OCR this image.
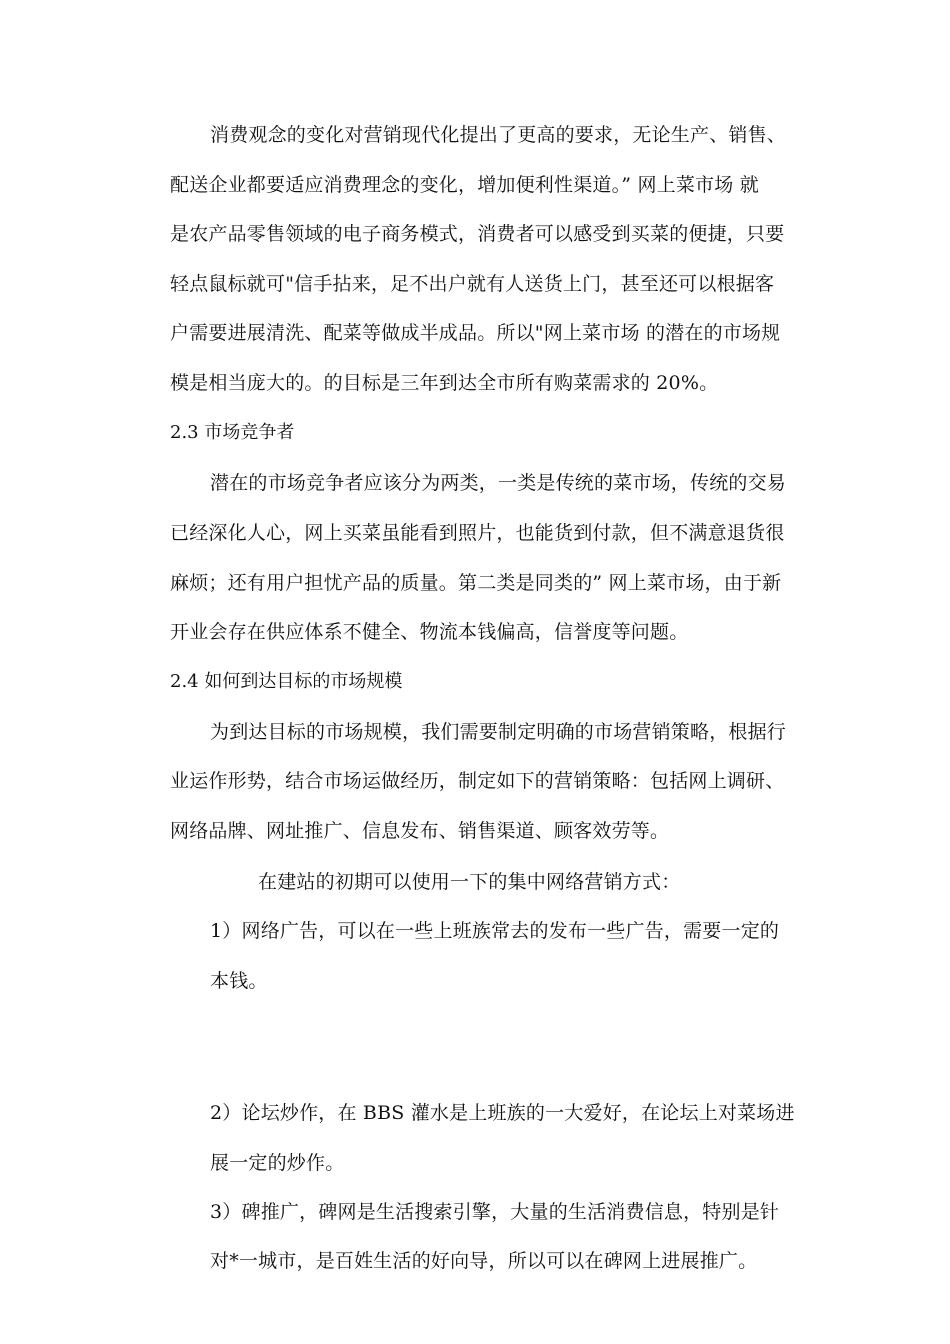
消费观念的变化对营销现代化提出了更高的要求，无论生产、销售、
配送企业都要适应消费理念的变化，增加便利性渠道。” 网上菜市场 就
是农产品零售领域的电子商务模式，消费者可以感受到买菜的便捷，只要
轻点鼠标就可"信手拈来，足不出户就有人送货上门，甚至还可以根据客
户需要进展清洗、配菜等做成半成品。所以"网上菜市场 的潜在的市场规
模是相当庞大的。的目标是三年到达全市所有购菜需求的 20%。
2.3 市场竞争者
潜在的市场竞争者应该分为两类，一类是传统的菜市场，传统的交易
已经深化人心，网上买菜虽能看到照片，也能货到付款，但不满意退货很
麻烦；还有用户担忧产品的质量。第二类是同类的” 网上菜市场，由于新
开业会存在供应体系不健全、物流本钱偏高，信誉度等问题。
2.4 如何到达目标的市场规模
为到达目标的市场规模，我们需要制定明确的市场营销策略，根据行
业运作形势，结合市场运做经历，制定如下的营销策略：包括网上调研、
网络品牌、网址推广、信息发布、销售渠道、顾客效劳等。
在建站的初期可以使用一下的集中网络营销方式：
1）网络广告，可以在一些上班族常去的发布一些广告，需要一定的
本钱。
2）论坛炒作，在 BBS 灌水是上班族的一大爱好，在论坛上对菜场进
展一定的炒作。
3）碑推广，碑网是生活搜索引擎，大量的生活消费信息，特别是针
对*一城市，是百姓生活的好向导，所以可以在碑网上进展推广。
